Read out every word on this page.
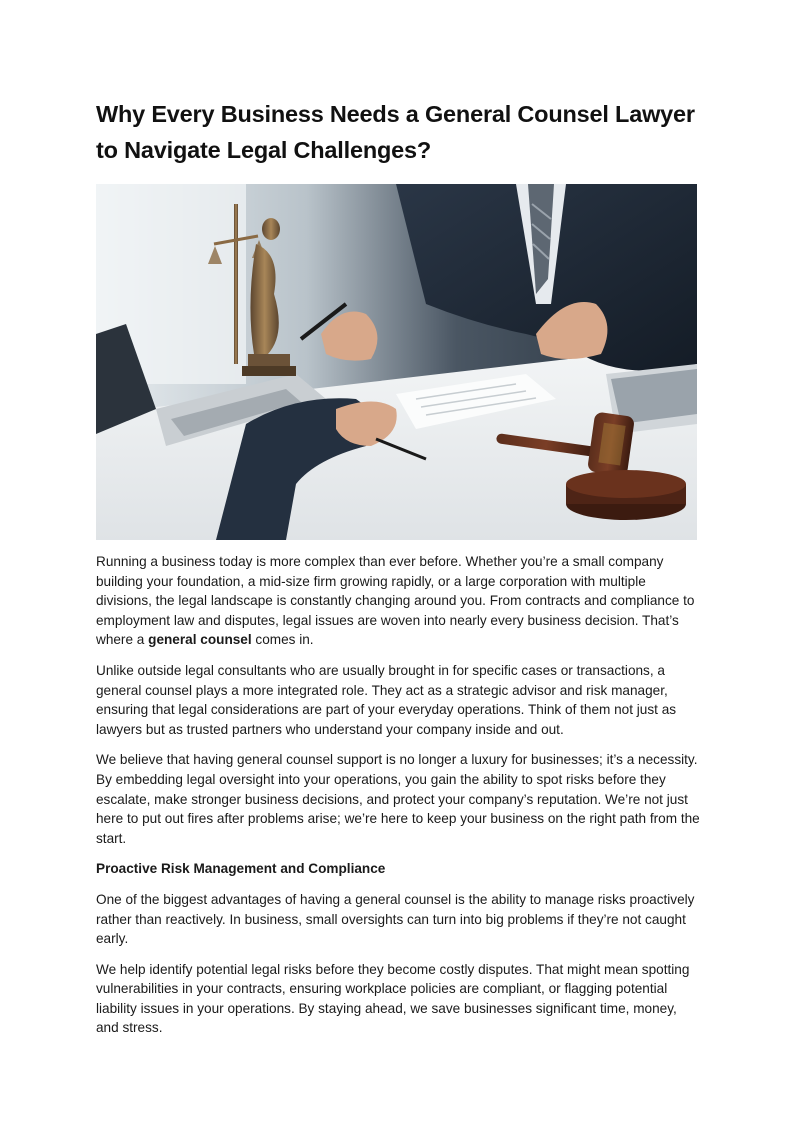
Why Every Business Needs a General Counsel Lawyer
to Navigate Legal Challenges?

Running a business today is more complex than ever before. Whether you’re a small company building your foundation, a mid-size firm growing rapidly, or a large corporation with multiple divisions, the legal landscape is constantly changing around you. From contracts and compliance to employment law and disputes, legal issues are woven into nearly every business decision. That’s where a general counsel comes in.

Unlike outside legal consultants who are usually brought in for specific cases or transactions, a general counsel plays a more integrated role. They act as a strategic advisor and risk manager, ensuring that legal considerations are part of your everyday operations. Think of them not just as lawyers but as trusted partners who understand your company inside and out.

We believe that having general counsel support is no longer a luxury for businesses; it’s a necessity. By embedding legal oversight into your operations, you gain the ability to spot risks before they escalate, make stronger business decisions, and protect your company’s reputation. We’re not just here to put out fires after problems arise; we’re here to keep your business on the right path from the start.

Proactive Risk Management and Compliance

One of the biggest advantages of having a general counsel is the ability to manage risks proactively rather than reactively. In business, small oversights can turn into big problems if they’re not caught early.

We help identify potential legal risks before they become costly disputes. That might mean spotting vulnerabilities in your contracts, ensuring workplace policies are compliant, or flagging potential liability issues in your operations. By staying ahead, we save businesses significant time, money, and stress.
